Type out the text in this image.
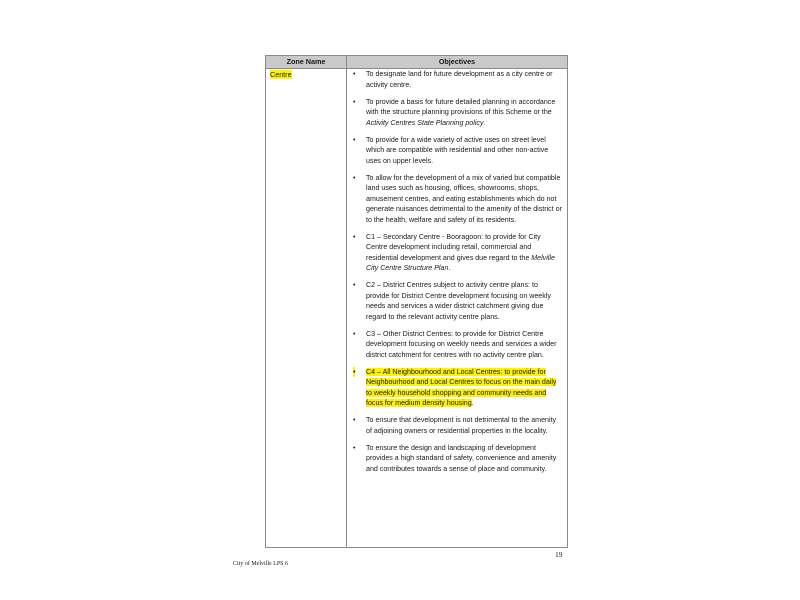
Zone Name	Objectives
Centre	• To designate land for future development as a city centre or activity centre.
• To provide a basis for future detailed planning in accordance with the structure planning provisions of this Scheme or the Activity Centres State Planning policy.
• To provide for a wide variety of active uses on street level which are compatible with residential and other non-active uses on upper levels.
• To allow for the development of a mix of varied but compatible land uses such as housing, offices, showrooms, shops, amusement centres, and eating establishments which do not generate nuisances detrimental to the amenity of the district or to the health, welfare and safety of its residents.
• C1 – Secondary Centre - Booragoon: to provide for City Centre development including retail, commercial and residential development and gives due regard to the Melville City Centre Structure Plan.
• C2 – District Centres subject to activity centre plans: to provide for District Centre development focusing on weekly needs and services a wider district catchment giving due regard to the relevant activity centre plans.
• C3 – Other District Centres: to provide for District Centre development focusing on weekly needs and services a wider district catchment for centres with no activity centre plan.
• C4 – All Neighbourhood and Local Centres: to provide for Neighbourhood and Local Centres to focus on the main daily to weekly household shopping and community needs and focus for medium density housing.
• To ensure that development is not detrimental to the amenity of adjoining owners or residential properties in the locality.
• To ensure the design and landscaping of development provides a high standard of safety, convenience and amenity and contributes towards a sense of place and community.
19
City of Melville LPS 6
